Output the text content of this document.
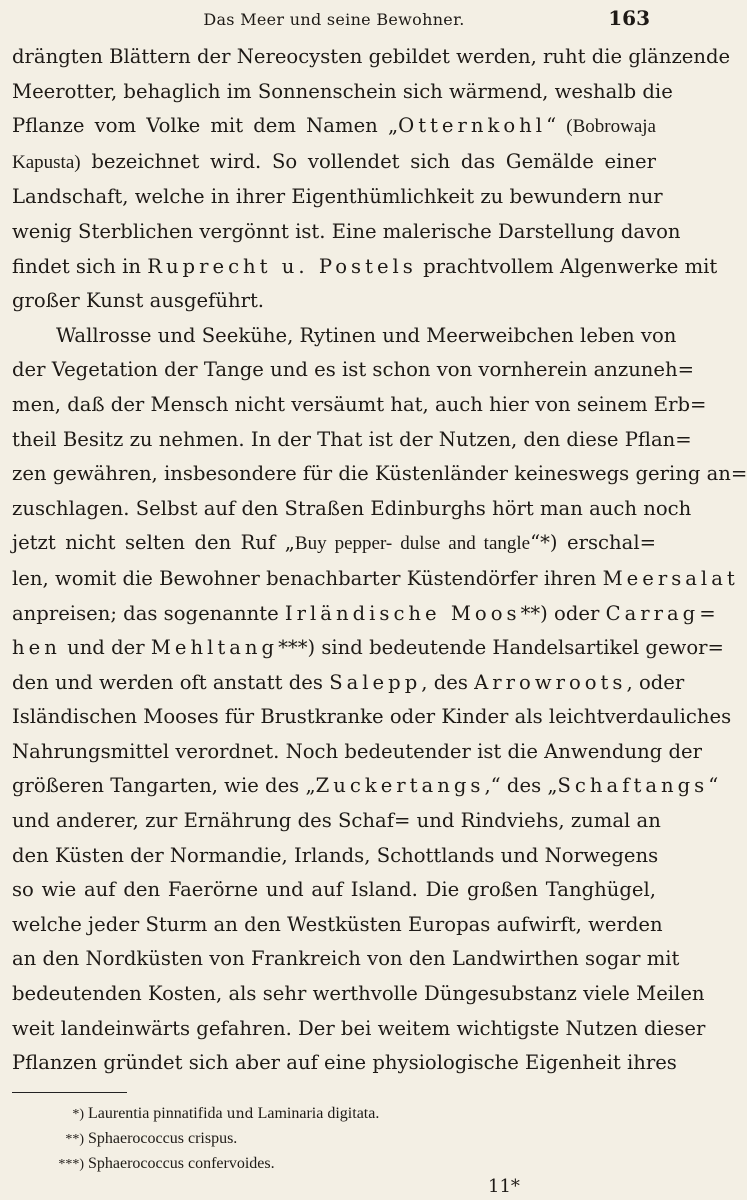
Das Meer und seine Bewohner.	163
drängten Blättern der Nereocysten gebildet werden, ruht die glänzende
Meerotter, behaglich im Sonnenschein sich wärmend, weshalb die
Pflanze vom Volke mit dem Namen „Otternkohl“ (Bobrowaja
Kapusta) bezeichnet wird. So vollendet sich das Gemälde einer
Landschaft, welche in ihrer Eigenthümlichkeit zu bewundern nur
wenig Sterblichen vergönnt ist. Eine malerische Darstellung davon
findet sich in Ruprecht u. Postels prachtvollem Algenwerke mit
großer Kunst ausgeführt.
Wallrosse und Seekühe, Rytinen und Meerweibchen leben von
der Vegetation der Tange und es ist schon von vornherein anzuneh=
men, daß der Mensch nicht versäumt hat, auch hier von seinem Erb=
theil Besitz zu nehmen. In der That ist der Nutzen, den diese Pflan=
zen gewähren, insbesondere für die Küstenländer keineswegs gering an=
zuschlagen. Selbst auf den Straßen Edinburghs hört man auch noch
jetzt nicht selten den Ruf „Buy pepper- dulse and tangle“*) erschal=
len, womit die Bewohner benachbarter Küstendörfer ihren Meersalat
anpreisen; das sogenannte Irländische Moos**) oder Carrag=
hen und der Mehltang***) sind bedeutende Handelsartikel gewor=
den und werden oft anstatt des Salepp, des Arrowroots, oder
Isländischen Mooses für Brustkranke oder Kinder als leichtverdauliches
Nahrungsmittel verordnet. Noch bedeutender ist die Anwendung der
größeren Tangarten, wie des „Zuckertangs,“ des „Schaftangs“
und anderer, zur Ernährung des Schaf= und Rindviehs, zumal an
den Küsten der Normandie, Irlands, Schottlands und Norwegens
so wie auf den Faerörne und auf Island. Die großen Tanghügel,
welche jeder Sturm an den Westküsten Europas aufwirft, werden
an den Nordküsten von Frankreich von den Landwirthen sogar mit
bedeutenden Kosten, als sehr werthvolle Düngesubstanz viele Meilen
weit landeinwärts gefahren. Der bei weitem wichtigste Nutzen dieser
Pflanzen gründet sich aber auf eine physiologische Eigenheit ihres
*) Laurentia pinnatifida und Laminaria digitata.
**) Sphaerococcus crispus.
***) Sphaerococcus confervoides.
11*
